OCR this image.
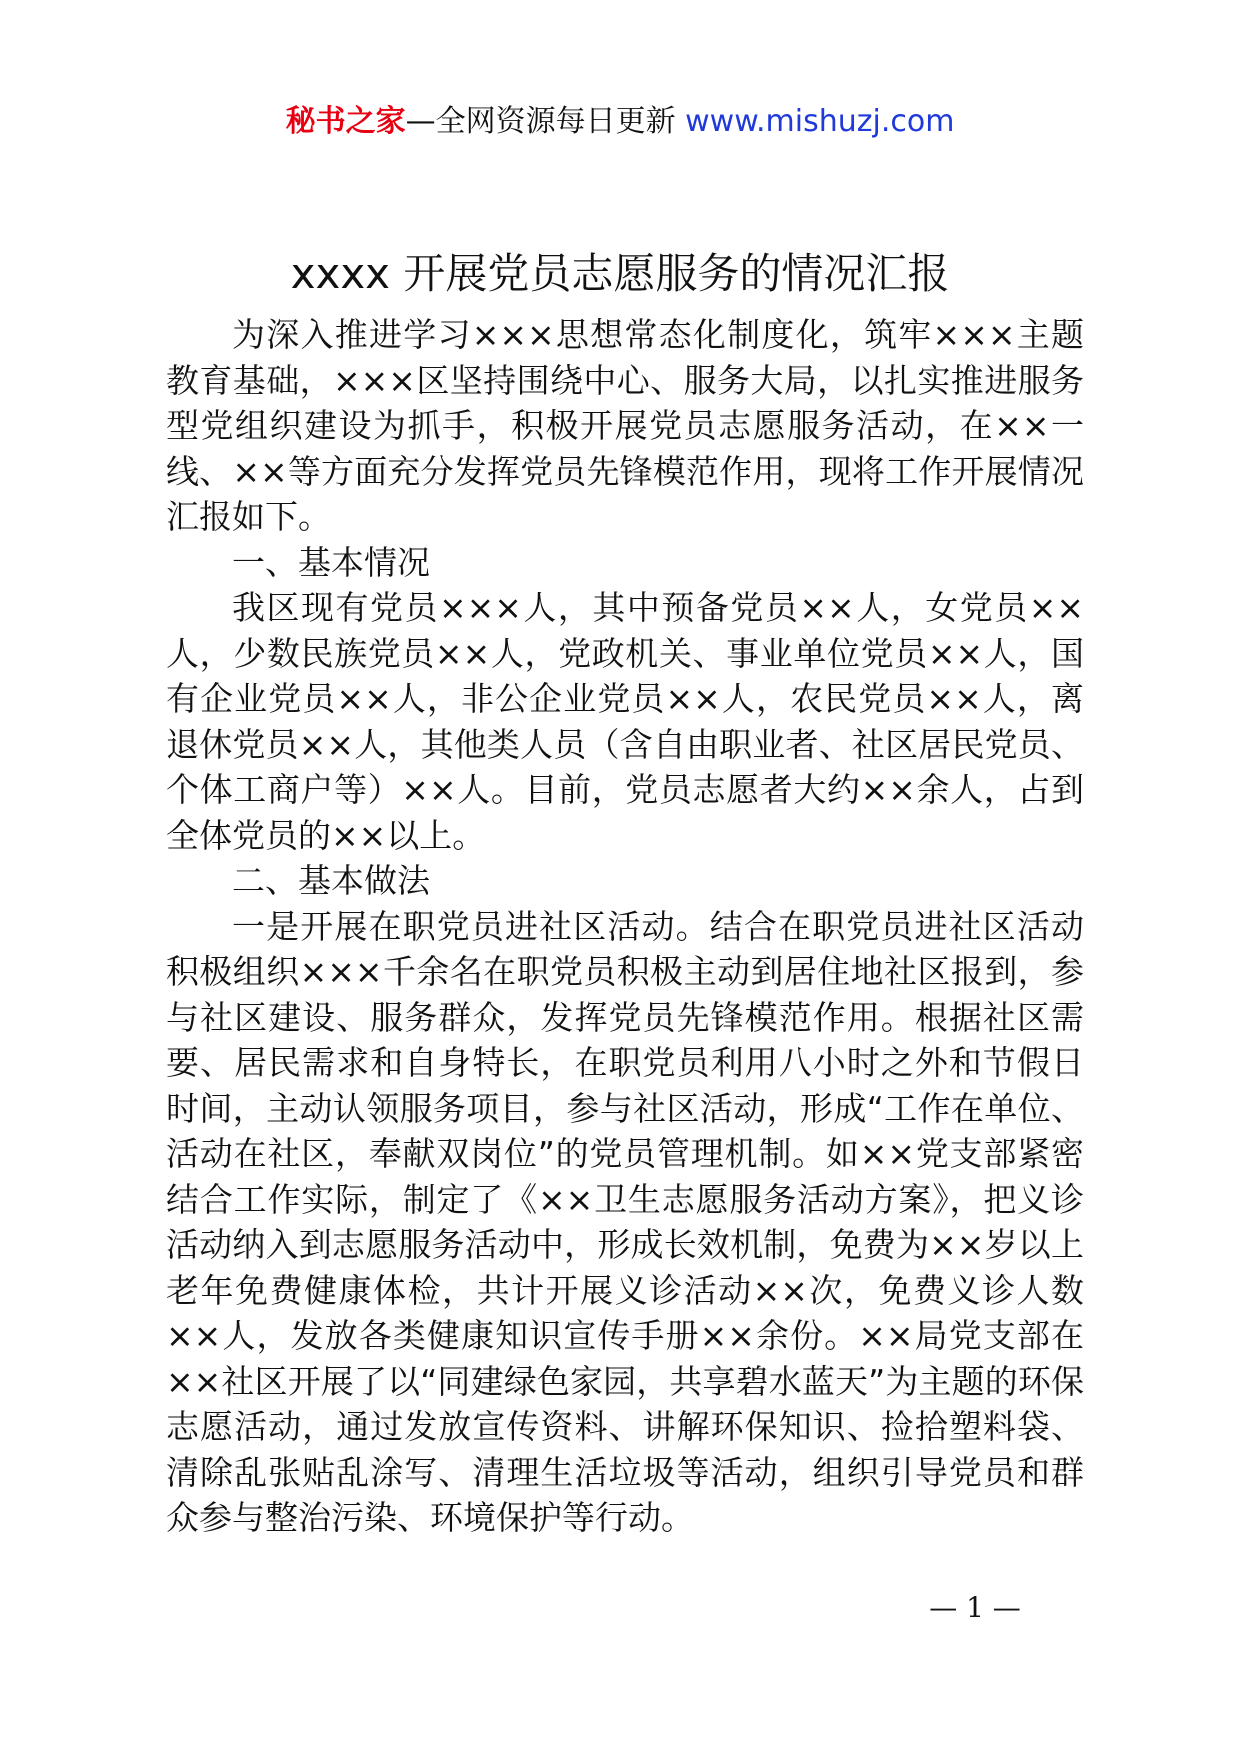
秘书之家—全网资源每日更新 www.mishuzj.com
xxxx 开展党员志愿服务的情况汇报

为深入推进学习×××思想常态化制度化，筑牢×××主题教育基础，×××区坚持围绕中心、服务大局，以扎实推进服务型党组织建设为抓手，积极开展党员志愿服务活动，在××一线、××等方面充分发挥党员先锋模范作用，现将工作开展情况汇报如下。

一、基本情况

我区现有党员×××人，其中预备党员××人，女党员××人，少数民族党员××人，党政机关、事业单位党员××人，国有企业党员××人，非公企业党员××人，农民党员××人，离退休党员××人，其他类人员（含自由职业者、社区居民党员、个体工商户等）××人。目前，党员志愿者大约××余人，占到全体党员的××以上。

二、基本做法

一是开展在职党员进社区活动。结合在职党员进社区活动积极组织×××千余名在职党员积极主动到居住地社区报到，参与社区建设、服务群众，发挥党员先锋模范作用。根据社区需要、居民需求和自身特长，在职党员利用八小时之外和节假日时间，主动认领服务项目，参与社区活动，形成“工作在单位、活动在社区，奉献双岗位”的党员管理机制。如××党支部紧密结合工作实际，制定了《××卫生志愿服务活动方案》，把义诊活动纳入到志愿服务活动中，形成长效机制，免费为××岁以上老年免费健康体检，共计开展义诊活动××次，免费义诊人数××人，发放各类健康知识宣传手册××余份。××局党支部在××社区开展了以“同建绿色家园，共享碧水蓝天”为主题的环保志愿活动，通过发放宣传资料、讲解环保知识、捡拾塑料袋、清除乱张贴乱涂写、清理生活垃圾等活动，组织引导党员和群众参与整治污染、环境保护等行动。

— 1 —
